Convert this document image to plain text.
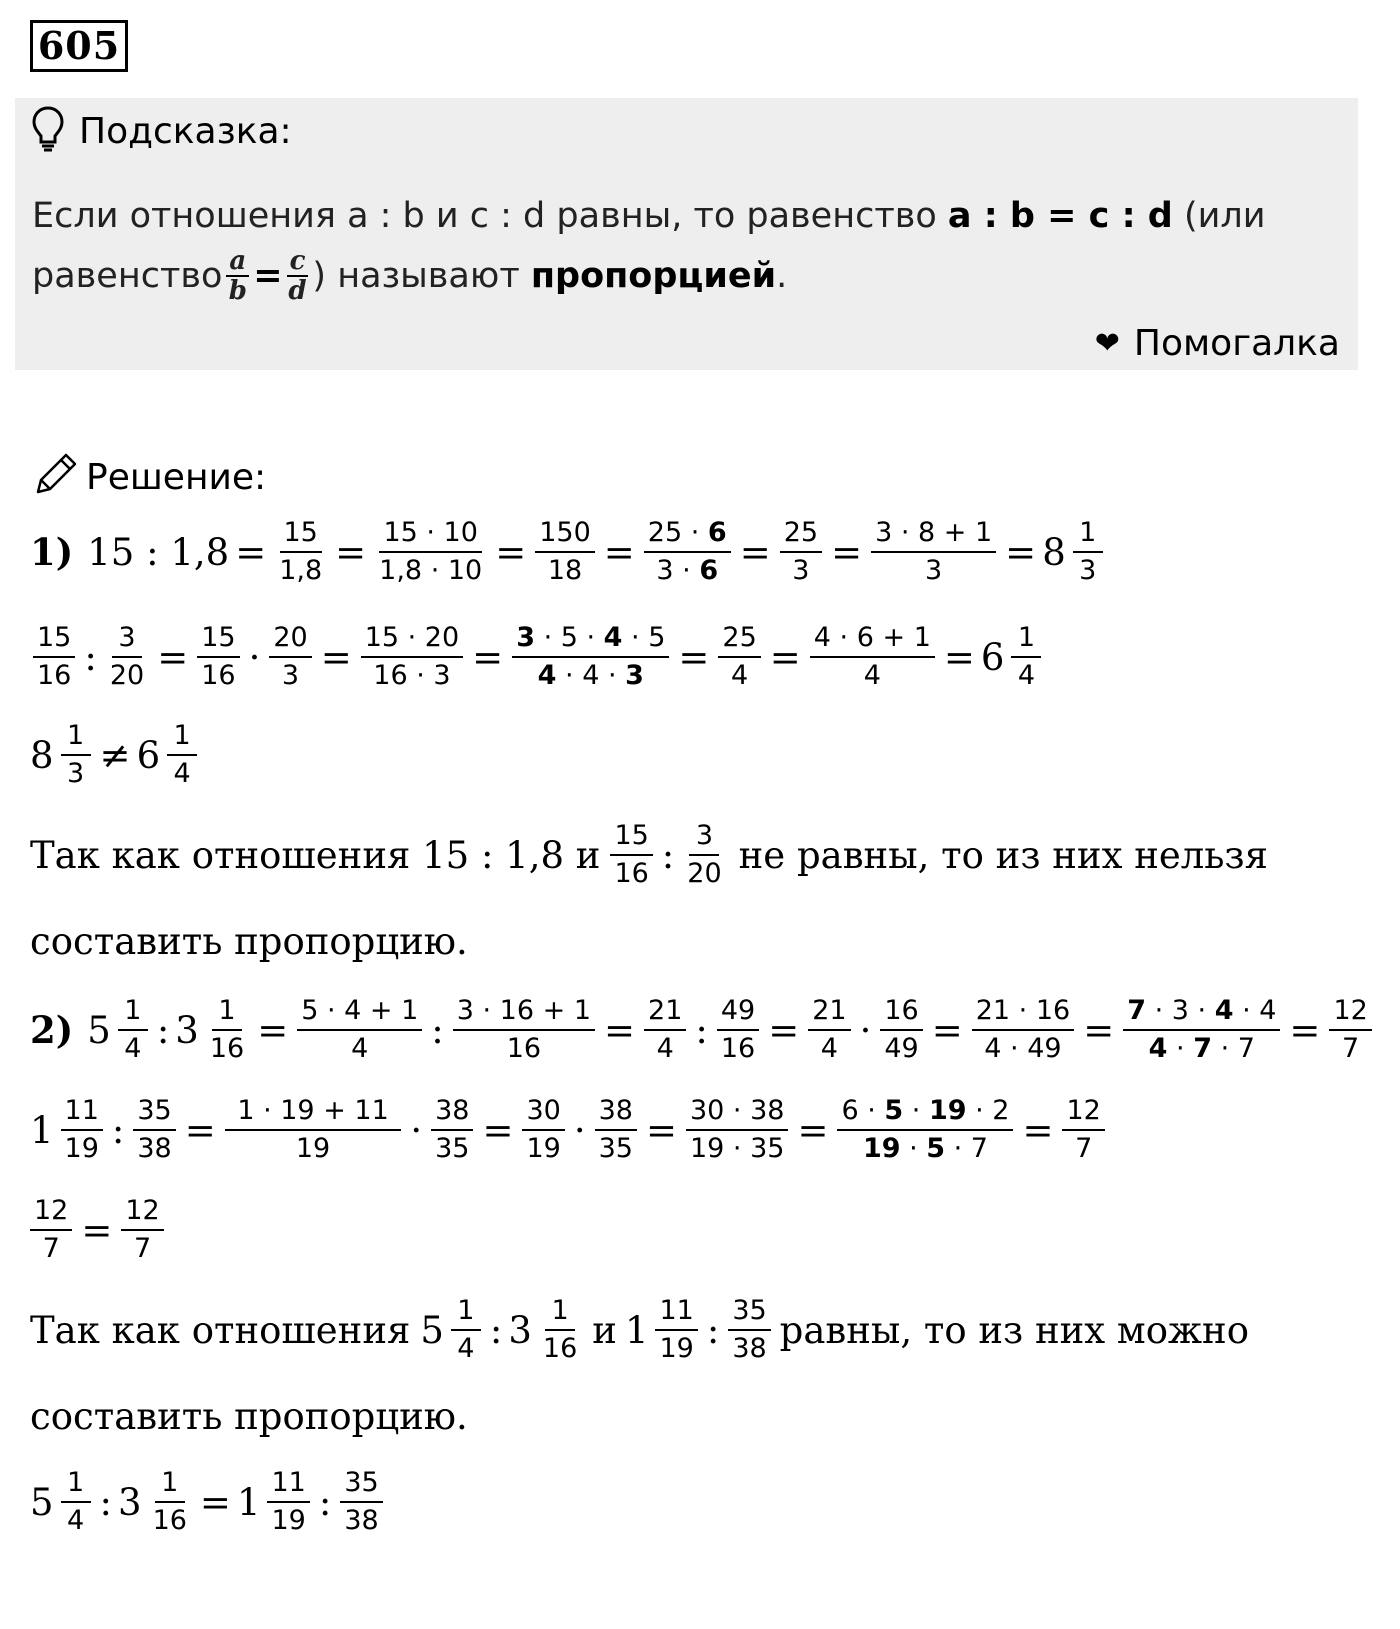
605
Подсказка:
Если отношения a : b и c : d равны, то равенство a : b = c : d (или
равенство $\frac{a}{b} = \frac{c}{d}$ ) называют пропорцией .
❤ Помогалка
Решение:
1) 15 : $1,8 = \frac{15}{1,8} = \frac{15 \cdot 10}{1,8 \cdot 10} = \frac{150}{18} = \frac{25 \cdot 6}{3 \cdot 6} = \frac{25}{3} = \frac{3 \cdot 8 + 1}{3} = 8 \frac{1}{3}$
$\frac{15}{16}$ : $\frac{3}{20} = \frac{15}{16} \cdot \frac{20}{3} = \frac{15 \cdot 20}{16 \cdot 3} = \frac{3 \cdot 5 \cdot 4 \cdot 5}{4 \cdot 4 \cdot 3} = \frac{25}{4} = \frac{4 \cdot 6 + 1}{4} = 6 \frac{1}{4}$
$8 \frac{1}{3} \ne 6 \frac{1}{4}$
Так как отношения 15 : 1,8 и $\frac{15}{16}$ : $\frac{3}{20}$ не равны, то из них нельзя
составить пропорцию.
2) $5 \frac{1}{4}$ : $3 \frac{1}{16} = \frac{5 \cdot 4 + 1}{4}$ : $\frac{3 \cdot 16 + 1}{16} = \frac{21}{4}$ : $\frac{49}{16} = \frac{21}{4} \cdot \frac{16}{49} = \frac{21 \cdot 16}{4 \cdot 49} = \frac{7 \cdot 3 \cdot 4 \cdot 4}{4 \cdot 7 \cdot 7} = \frac{12}{7}$
$1 \frac{11}{19}$ : $\frac{35}{38} = \frac{1 \cdot 19 + 11}{19} \cdot \frac{38}{35} = \frac{30}{19} \cdot \frac{38}{35} = \frac{30 \cdot 38}{19 \cdot 35} = \frac{6 \cdot 5 \cdot 19 \cdot 2}{19 \cdot 5 \cdot 7} = \frac{12}{7}$
$\frac{12}{7} = \frac{12}{7}$
Так как отношения $5 \frac{1}{4}$ : $3 \frac{1}{16}$ и $1 \frac{11}{19}$ : $\frac{35}{38}$ равны, то из них можно
составить пропорцию.
$5 \frac{1}{4}$ : $3 \frac{1}{16} = 1 \frac{11}{19}$ : $\frac{35}{38}$
